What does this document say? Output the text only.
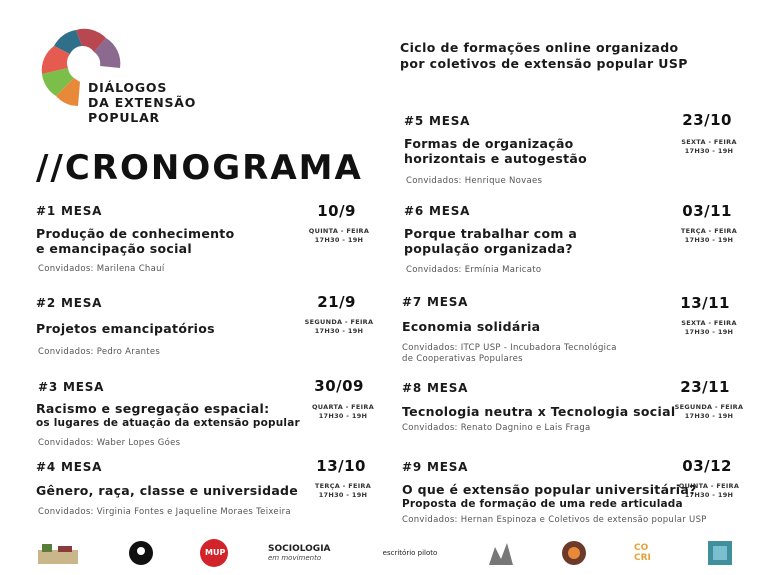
DIÁLOGOS
DA EXTENSÃO
POPULAR
Ciclo de formações online organizado
por coletivos de extensão popular USP
//CRONOGRAMA
#1 MESA	10/9
QUINTA - FEIRA
17H30 - 19H
Produção de conhecimento
e emancipação social
Convidados: Marilena Chauí
#2 MESA	21/9
SEGUNDA - FEIRA
17H30 - 19H
Projetos emancipatórios
Convidados: Pedro Arantes
#3 MESA	30/09
QUARTA - FEIRA
17H30 - 19H
Racismo e segregação espacial:
os lugares de atuação da extensão popular
Convidados: Waber Lopes Góes
#4 MESA	13/10
TERÇA - FEIRA
17H30 - 19H
Gênero, raça, classe e universidade
Convidados: Virginia Fontes e Jaqueline Moraes Teixeira
#5 MESA	23/10
SEXTA - FEIRA
17H30 - 19H
Formas de organização
horizontais e autogestão
Convidados: Henrique Novaes
#6 MESA	03/11
TERÇA - FEIRA
17H30 - 19H
Porque trabalhar com a
população organizada?
Convidados: Ermínia Maricato
#7 MESA	13/11
SEXTA - FEIRA
17H30 - 19H
Economia solidária
Convidados: ITCP USP - Incubadora Tecnológica
de Cooperativas Populares
#8 MESA	23/11
SEGUNDA - FEIRA
17H30 - 19H
Tecnologia neutra x Tecnologia social
Convidados: Renato Dagnino e Lais Fraga
#9 MESA	03/12
QUINTA - FEIRA
17H30 - 19H
O que é extensão popular universitária?
Proposta de formação de uma rede articulada
Convidados: Hernan Espinoza e Coletivos de extensão popular USP
MUP	SOCIOLOGIA
em movimento
escritório piloto	CO CRI
